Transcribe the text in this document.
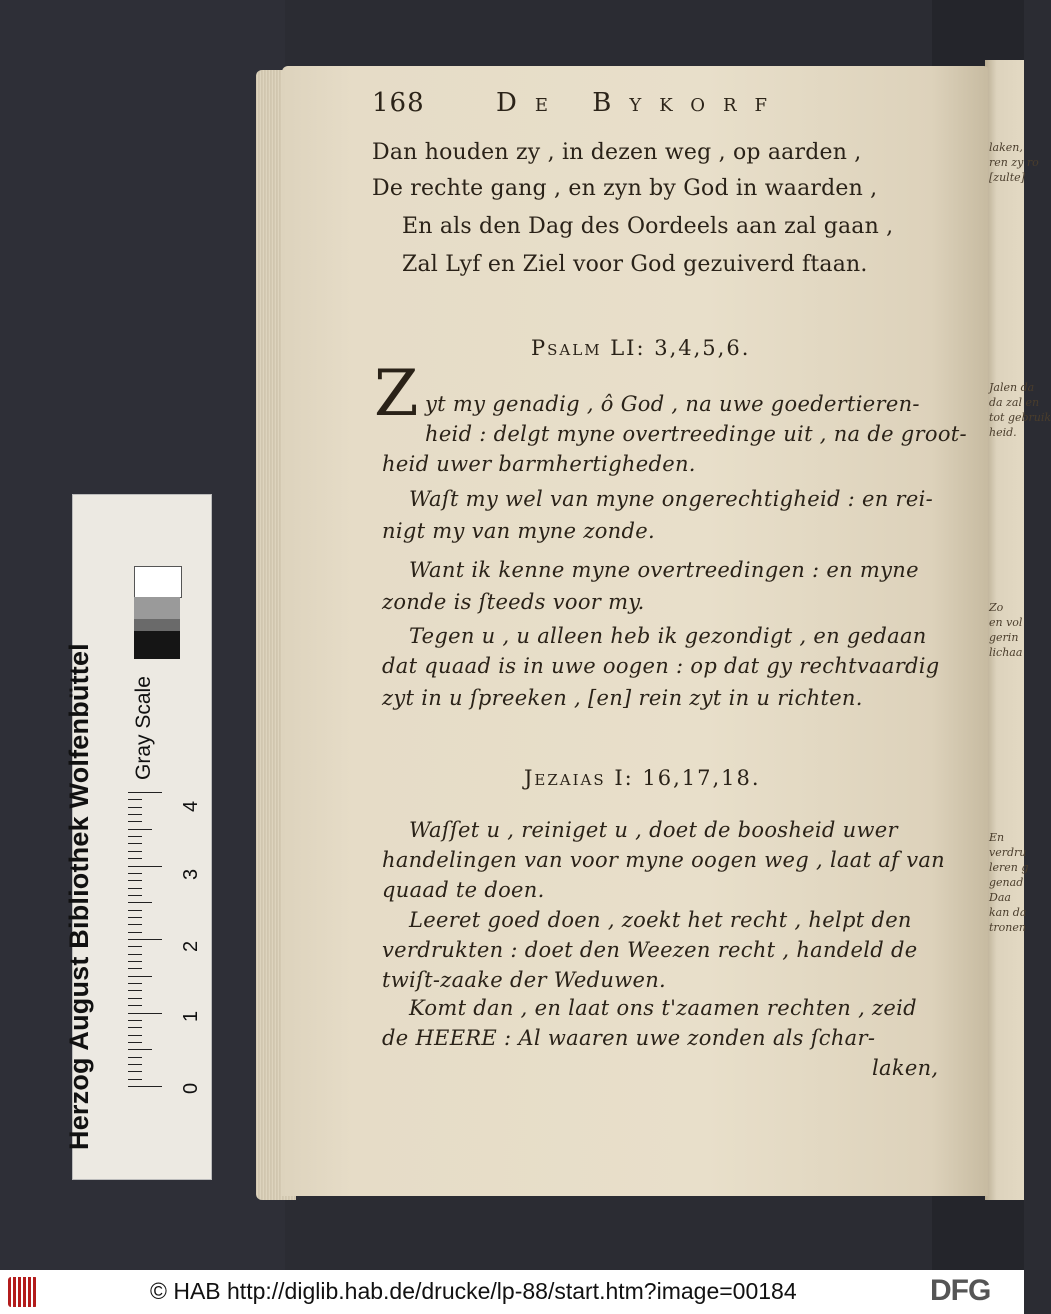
laken,
ren zy ro
[zulte]
Jalen da
da zal en
tot gebruik
heid.
Zo
en vol
gerin
lichaa
En
verdru
leren g
genad
Daa
kan da
tronen
168	De Bykorf
Dan houden zy , in dezen weg , op aarden ,
De rechte gang , en zyn by God in waarden ,
En als den Dag des Oordeels aan zal gaan ,
Zal Lyf en Ziel voor God gezuiverd ftaan.
Psalm LI: 3,4,5,6.
Z yt my genadig , ô God , na uwe goedertieren-
heid : delgt myne overtreedinge uit , na de groot-
heid uwer barmhertigheden.
Waſt my wel van myne ongerechtigheid : en rei-
nigt my van myne zonde.
Want ik kenne myne overtreedingen : en myne
zonde is ſteeds voor my.
Tegen u , u alleen heb ik gezondigt , en gedaan
dat quaad is in uwe oogen : op dat gy rechtvaardig
zyt in u ſpreeken , [en] rein zyt in u richten.
Jezaias I: 16,17,18.
Waſſet u , reiniget u , doet de boosheid uwer
handelingen van voor myne oogen weg , laat af van
quaad te doen.
Leeret goed doen , zoekt het recht , helpt den
verdrukten : doet den Weezen recht , handeld de
twiſt-zaake der Weduwen.
Komt dan , en laat ons t'zaamen rechten , zeid
de HEERE : Al waaren uwe zonden als ſchar-
laken,
Herzog August Bibliothek Wolfenbüttel	Gray Scale
4
3
2
1
0
© HAB http://diglib.hab.de/drucke/lp-88/start.htm?image=00184	DFG
